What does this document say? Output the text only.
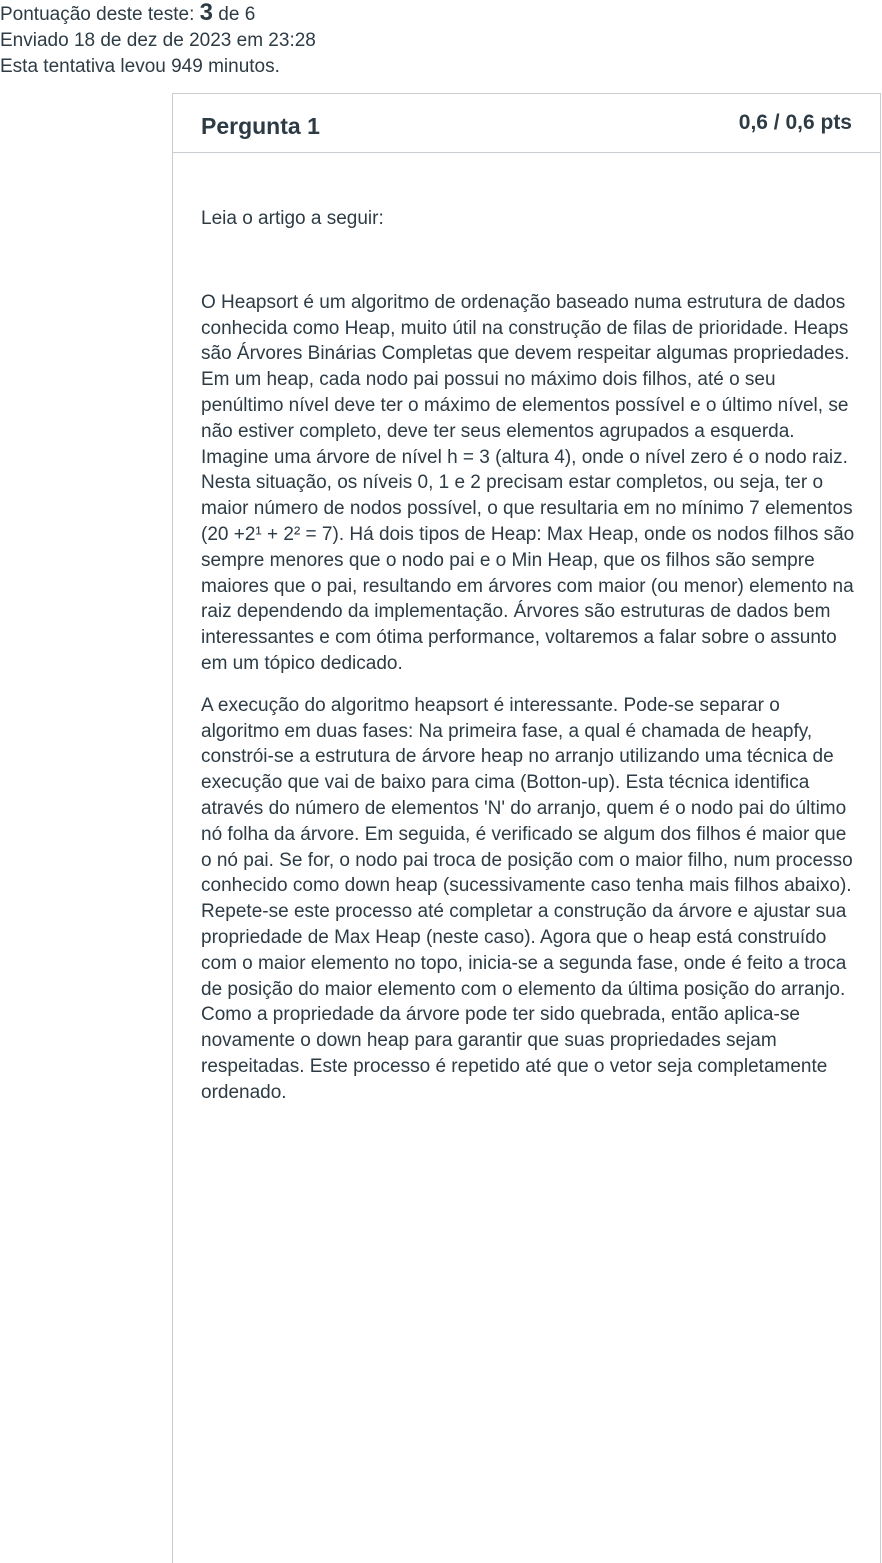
Pontuação deste teste: 3 de 6
Enviado 18 de dez de 2023 em 23:28
Esta tentativa levou 949 minutos.
Pergunta 1	0,6 / 0,6 pts

Leia o artigo a seguir:

O Heapsort é um algoritmo de ordenação baseado numa estrutura de dados conhecida como Heap, muito útil na construção de filas de prioridade. Heaps são Árvores Binárias Completas que devem respeitar algumas propriedades. Em um heap, cada nodo pai possui no máximo dois filhos, até o seu penúltimo nível deve ter o máximo de elementos possível e o último nível, se não estiver completo, deve ter seus elementos agrupados a esquerda. Imagine uma árvore de nível h = 3 (altura 4), onde o nível zero é o nodo raiz. Nesta situação, os níveis 0, 1 e 2 precisam estar completos, ou seja, ter o maior número de nodos possível, o que resultaria em no mínimo 7 elementos (20 +2¹ + 2² = 7). Há dois tipos de Heap: Max Heap, onde os nodos filhos são sempre menores que o nodo pai e o Min Heap, que os filhos são sempre maiores que o pai, resultando em árvores com maior (ou menor) elemento na raiz dependendo da implementação. Árvores são estruturas de dados bem interessantes e com ótima performance, voltaremos a falar sobre o assunto em um tópico dedicado.

A execução do algoritmo heapsort é interessante. Pode-se separar o algoritmo em duas fases: Na primeira fase, a qual é chamada de heapfy, constrói-se a estrutura de árvore heap no arranjo utilizando uma técnica de execução que vai de baixo para cima (Botton-up). Esta técnica identifica através do número de elementos 'N' do arranjo, quem é o nodo pai do último nó folha da árvore. Em seguida, é verificado se algum dos filhos é maior que o nó pai. Se for, o nodo pai troca de posição com o maior filho, num processo conhecido como down heap (sucessivamente caso tenha mais filhos abaixo). Repete-se este processo até completar a construção da árvore e ajustar sua propriedade de Max Heap (neste caso). Agora que o heap está construído com o maior elemento no topo, inicia-se a segunda fase, onde é feito a troca de posição do maior elemento com o elemento da última posição do arranjo. Como a propriedade da árvore pode ter sido quebrada, então aplica-se novamente o down heap para garantir que suas propriedades sejam respeitadas. Este processo é repetido até que o vetor seja completamente ordenado.
